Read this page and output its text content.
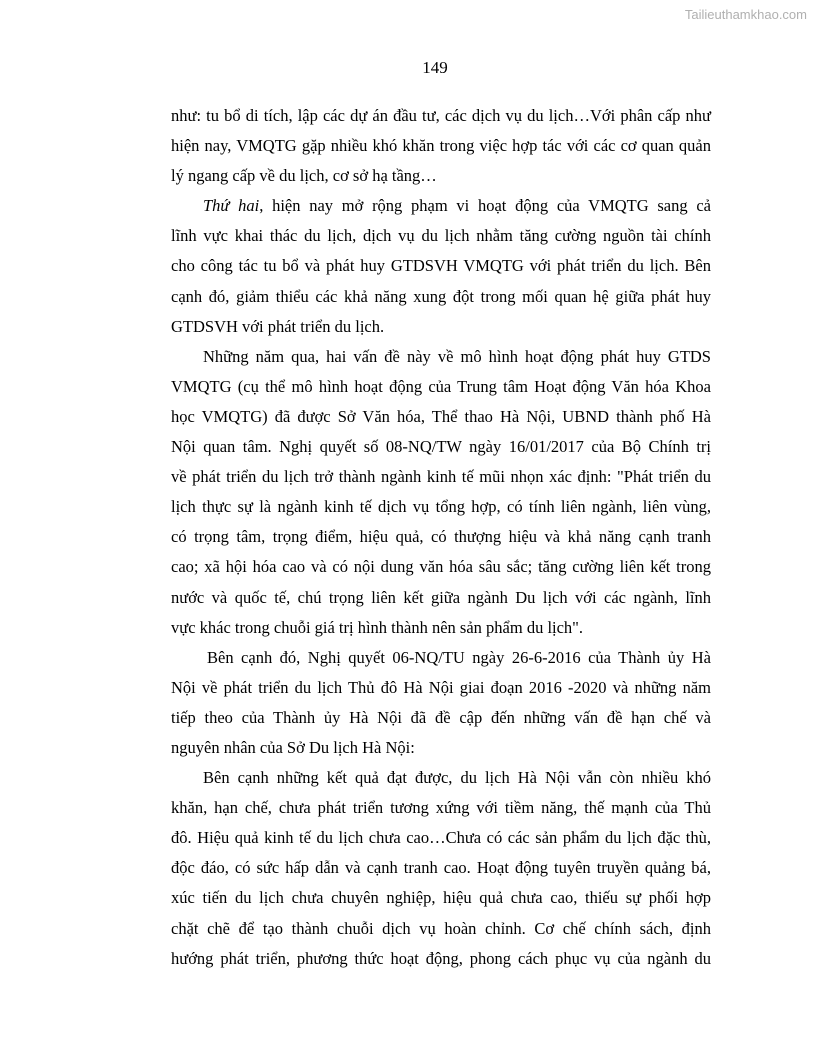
Tailieuthamkhao.com
149
như: tu bổ di tích, lập các dự án đầu tư, các dịch vụ du lịch…Với phân cấp như
hiện nay, VMQTG gặp nhiều khó khăn trong việc hợp tác với các cơ quan quản
lý ngang cấp về du lịch, cơ sở hạ tầng…
Thứ hai, hiện nay mở rộng phạm vi hoạt động của VMQTG sang cả
lĩnh vực khai thác du lịch, dịch vụ du lịch nhằm tăng cường nguồn tài chính
cho công tác tu bổ và phát huy GTDSVH VMQTG với phát triển du lịch. Bên
cạnh đó, giảm thiểu các khả năng xung đột trong mối quan hệ giữa phát huy
GTDSVH với phát triển du lịch.
Những năm qua, hai vấn đề này về mô hình hoạt động phát huy GTDS
VMQTG (cụ thể mô hình hoạt động của Trung tâm Hoạt động Văn hóa Khoa
học VMQTG) đã được Sở Văn hóa, Thể thao Hà Nội, UBND thành phố Hà
Nội quan tâm. Nghị quyết số 08-NQ/TW ngày 16/01/2017 của Bộ Chính trị
về phát triển du lịch trở thành ngành kinh tế mũi nhọn xác định: "Phát triển du
lịch thực sự là ngành kinh tế dịch vụ tổng hợp, có tính liên ngành, liên vùng,
có trọng tâm, trọng điểm, hiệu quả, có thượng hiệu và khả năng cạnh tranh
cao; xã hội hóa cao và có nội dung văn hóa sâu sắc; tăng cường liên kết trong
nước và quốc tế, chú trọng liên kết giữa ngành Du lịch với các ngành, lĩnh
vực khác trong chuỗi giá trị hình thành nên sản phẩm du lịch".
Bên cạnh đó, Nghị quyết 06-NQ/TU ngày 26-6-2016 của Thành ủy Hà
Nội về phát triển du lịch Thủ đô Hà Nội giai đoạn 2016 -2020 và những năm
tiếp theo của Thành ủy Hà Nội đã đề cập đến những vấn đề hạn chế và
nguyên nhân của Sở Du lịch Hà Nội:
Bên cạnh những kết quả đạt được, du lịch Hà Nội vẫn còn nhiều khó
khăn, hạn chế, chưa phát triển tương xứng với tiềm năng, thế mạnh của Thủ
đô. Hiệu quả kinh tế du lịch chưa cao…Chưa có các sản phẩm du lịch đặc thù,
độc đáo, có sức hấp dẫn và cạnh tranh cao. Hoạt động tuyên truyền quảng bá,
xúc tiến du lịch chưa chuyên nghiệp, hiệu quả chưa cao, thiếu sự phối hợp
chặt chẽ để tạo thành chuỗi dịch vụ hoàn chỉnh. Cơ chế chính sách, định
hướng phát triển, phương thức hoạt động, phong cách phục vụ của ngành du
